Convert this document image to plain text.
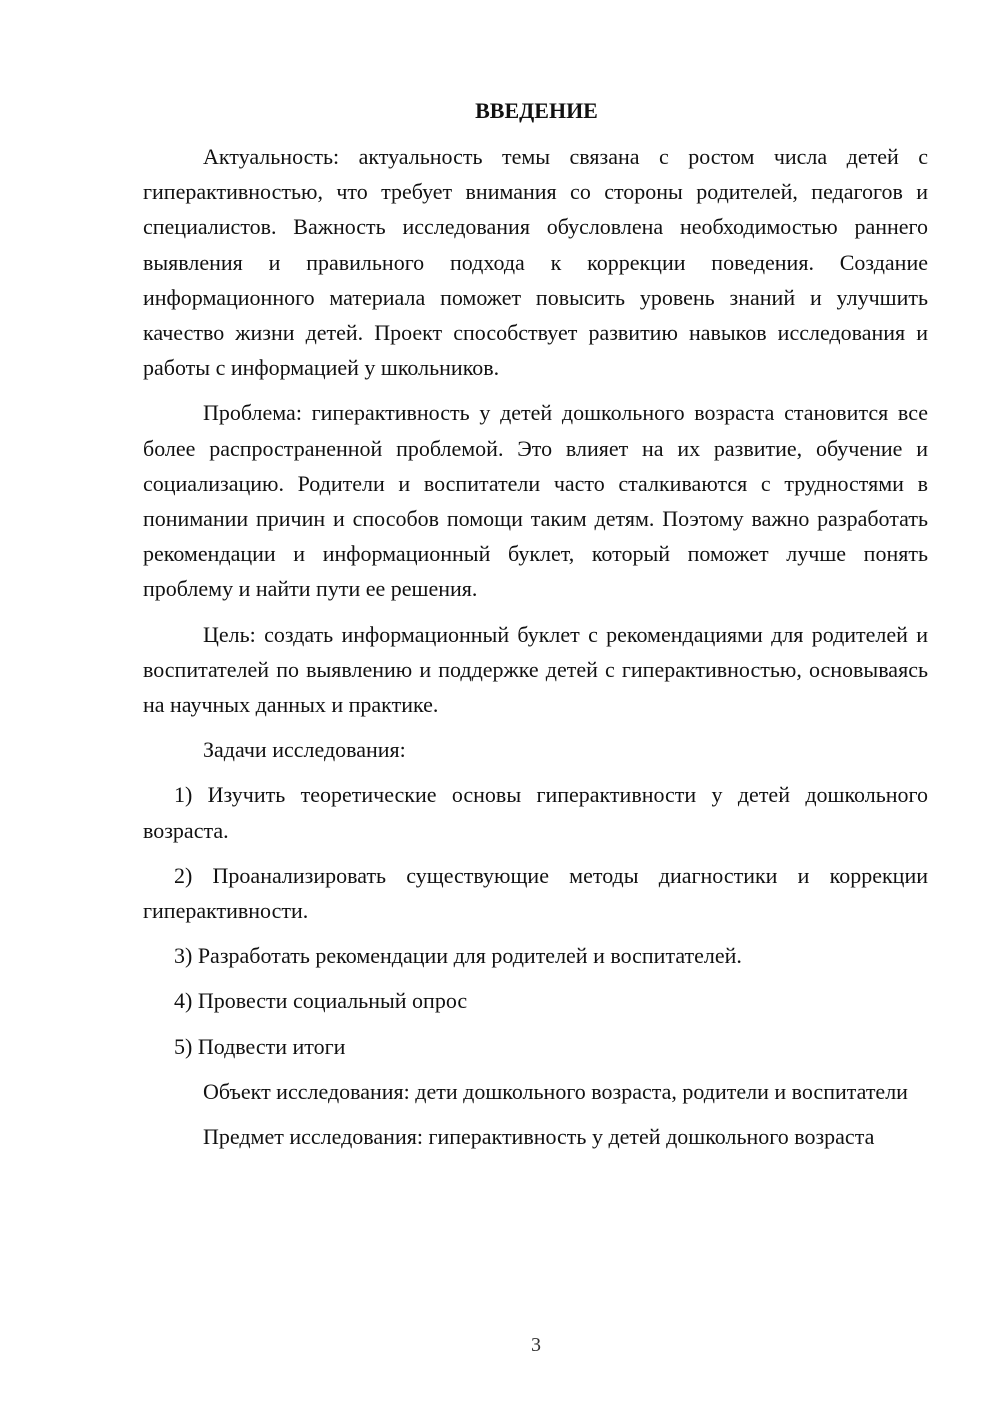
ВВЕДЕНИЕ

Актуальность: актуальность темы связана с ростом числа детей с гиперактивностью, что требует внимания со стороны родителей, педагогов и специалистов. Важность исследования обусловлена необходимостью раннего выявления и правильного подхода к коррекции поведения. Создание информационного материала поможет повысить уровень знаний и улучшить качество жизни детей. Проект способствует развитию навыков исследования и работы с информацией у школьников.

Проблема: гиперактивность у детей дошкольного возраста становится все более распространенной проблемой. Это влияет на их развитие, обучение и социализацию. Родители и воспитатели часто сталкиваются с трудностями в понимании причин и способов помощи таким детям. Поэтому важно разработать рекомендации и информационный буклет, который поможет лучше понять проблему и найти пути ее решения.

Цель: создать информационный буклет с рекомендациями для родителей и воспитателей по выявлению и поддержке детей с гиперактивностью, основываясь на научных данных и практике.

Задачи исследования:

1) Изучить теоретические основы гиперактивности у детей дошкольного возраста.

2) Проанализировать существующие методы диагностики и коррекции гиперактивности.

3) Разработать рекомендации для родителей и воспитателей.

4) Провести социальный опрос

5) Подвести итоги

Объект исследования: дети дошкольного возраста, родители и воспитатели

Предмет исследования: гиперактивность у детей дошкольного возраста

3
